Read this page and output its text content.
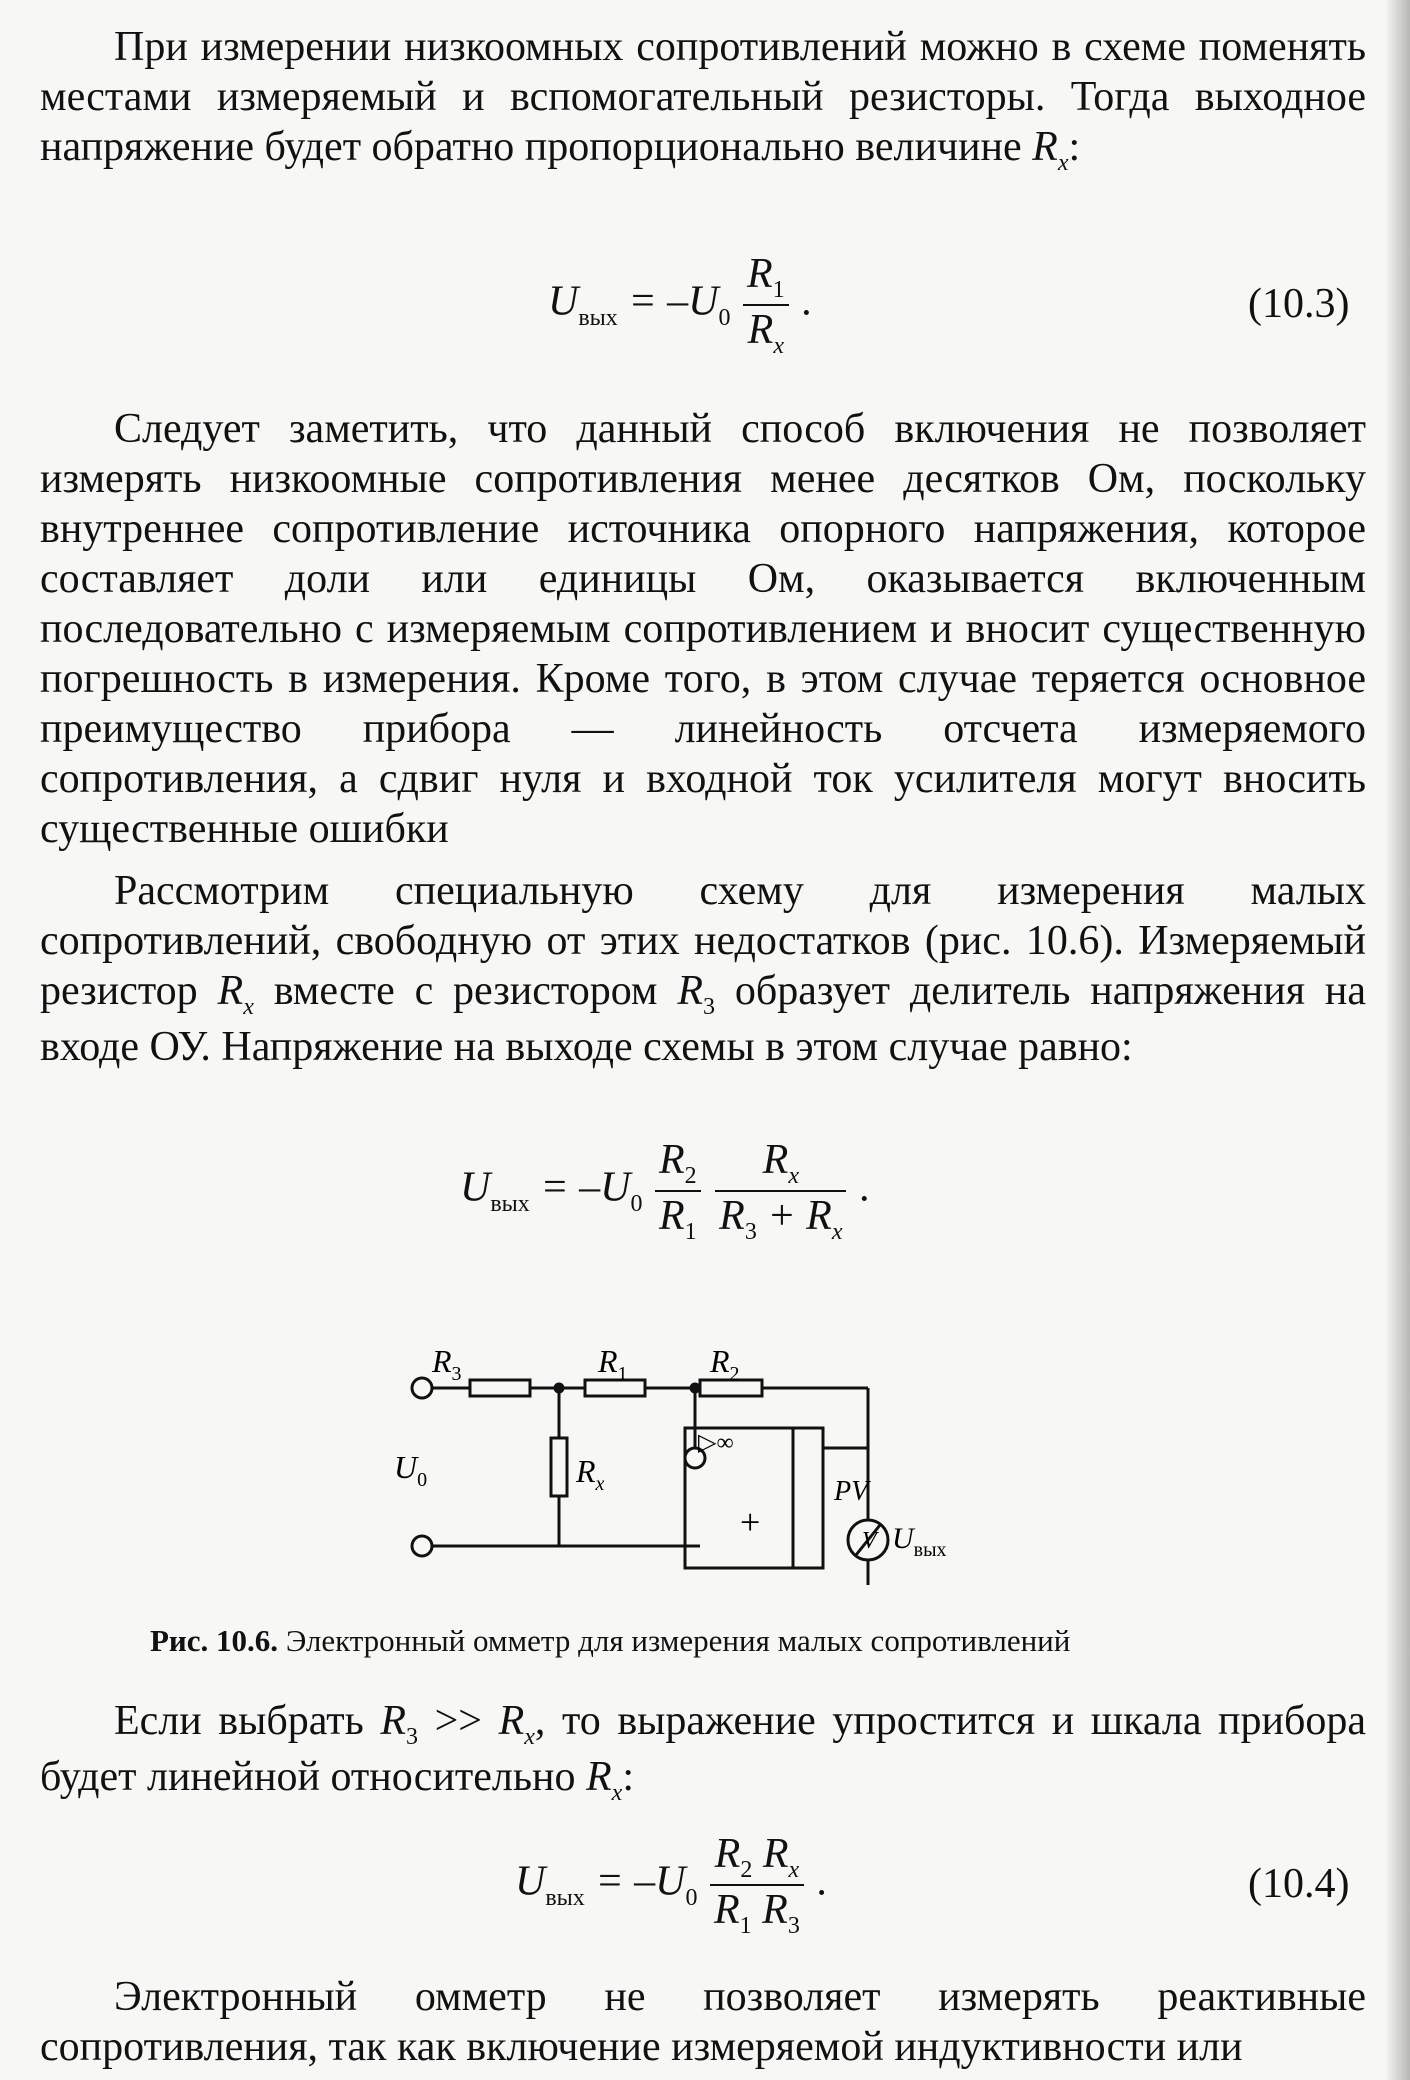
При измерении низкоомных сопротивлений можно в схеме поменять местами измеряемый и вспомогательный резисторы. Тогда выходное напряжение будет обратно пропорционально величине $R_x$:

$U_{вых} = -U_0 \frac{R_1}{R_x}$ .	(10.3)

Следует заметить, что данный способ включения не позволяет измерять низкоомные сопротивления менее десятков Ом, поскольку внутреннее сопротивление источника опорного напряжения, которое составляет доли или единицы Ом, оказывается включенным последовательно с измеряемым сопротивлением и вносит существенную погрешность в измерения. Кроме того, в этом случае теряется основное преимущество прибора — линейность отсчета измеряемого сопротивления, а сдвиг нуля и входной ток усилителя могут вносить существенные ошибки

Рассмотрим специальную схему для измерения малых сопротивлений, свободную от этих недостатков (рис. 10.6). Измеряемый резистор $R_x$ вместе с резистором $R_3$ образует делитель напряжения на входе ОУ. Напряжение на выходе схемы в этом случае равно:

$U_{вых} = -U_0 \frac{R_2}{R_1}$
$\frac{R_x}{R_3 + R_x}$ .
▷∞
+	V
$R_3$	$R_1$	$R_2$
$R_x$
$U_0$	PV
$U_{вых}$
Рис. 10.6. Электронный омметр для измерения малых сопротивлений

Если выбрать $R_3 >> R_x$, то выражение упростится и шкала прибора будет линейной относительно $R_x$:

$U_{вых} = -U_0 \frac{R_2 R_x}{R_1 R_3}$ .	(10.4)

Электронный омметр не позволяет измерять реактивные сопротивления, так как включение измеряемой индуктивности или
